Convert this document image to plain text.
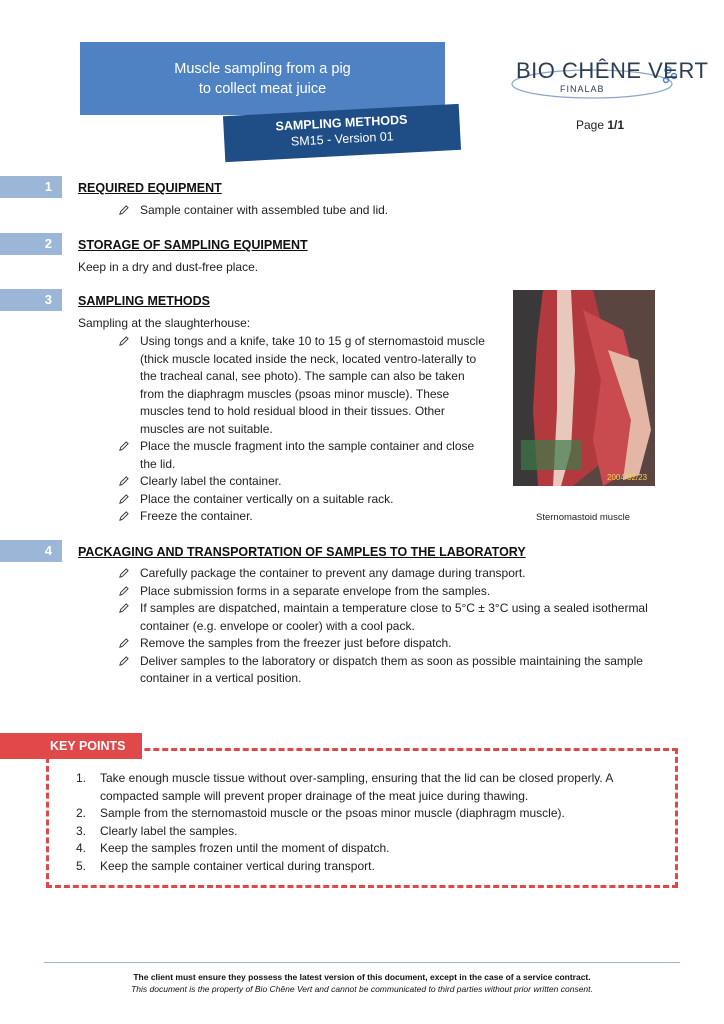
Muscle sampling from a pig
to collect meat juice
SAMPLING METHODS
SM15 - Version 01
BIO CHÊNE VERT
FINALAB
Page 1/1
1	REQUIRED EQUIPMENT
Sample container with assembled tube and lid.
2	STORAGE OF SAMPLING EQUIPMENT
Keep in a dry and dust-free place.
3	SAMPLING METHODS
Sampling at the slaughterhouse:
Using tongs and a knife, take 10 to 15 g of sternomastoid muscle (thick muscle located inside the neck, located ventro-laterally to the tracheal canal, see photo). The sample can also be taken from the diaphragm muscles (psoas minor muscle). These muscles tend to hold residual blood in their tissues. Other muscles are not suitable.
Place the muscle fragment into the sample container and close the lid.
Clearly label the container.
Place the container vertically on a suitable rack.
Freeze the container.
2004/02/23
Sternomastoid muscle
4	PACKAGING AND TRANSPORTATION OF SAMPLES TO THE LABORATORY
Carefully package the container to prevent any damage during transport.
Place submission forms in a separate envelope from the samples.
If samples are dispatched, maintain a temperature close to 5°C ± 3°C using a sealed isothermal container (e.g. envelope or cooler) with a cool pack.
Remove the samples from the freezer just before dispatch.
Deliver samples to the laboratory or dispatch them as soon as possible maintaining the sample container in a vertical position.
KEY POINTS
1. Take enough muscle tissue without over-sampling, ensuring that the lid can be closed properly. A compacted sample will prevent proper drainage of the meat juice during thawing.
2. Sample from the sternomastoid muscle or the psoas minor muscle (diaphragm muscle).
3. Clearly label the samples.
4. Keep the samples frozen until the moment of dispatch.
5. Keep the sample container vertical during transport.
The client must ensure they possess the latest version of this document, except in the case of a service contract.
This document is the property of Bio Chêne Vert and cannot be communicated to third parties without prior written consent.
